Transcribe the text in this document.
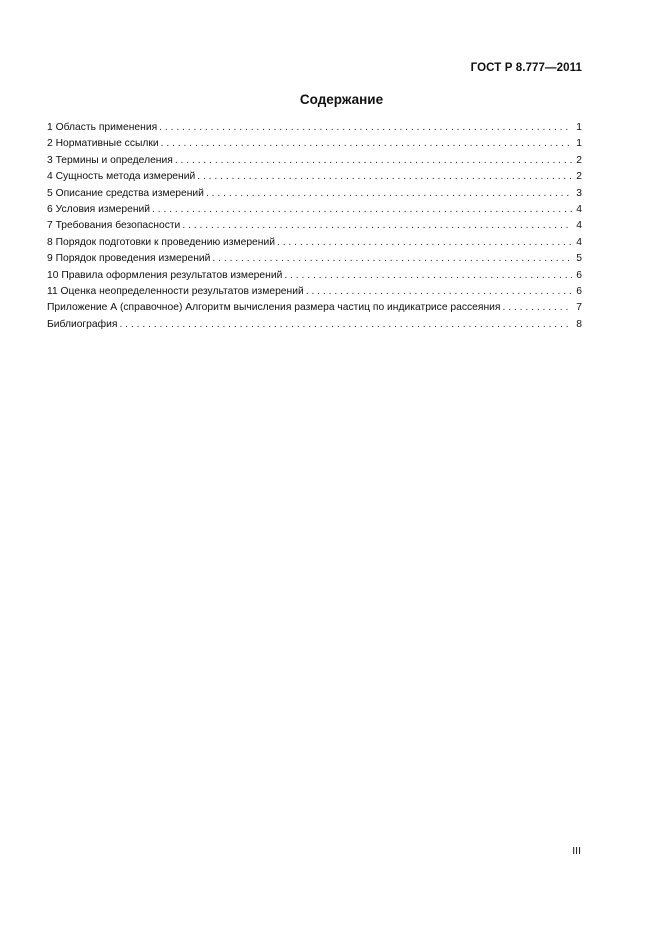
ГОСТ Р 8.777—2011
Содержание
1 Область применения . . .	1
2 Нормативные ссылки . . .	1
3 Термины и определения . . .	2
4 Сущность метода измерений . . .	2
5 Описание средства измерений . . .	3
6 Условия измерений . . .	4
7 Требования безопасности . . .	4
8 Порядок подготовки к проведению измерений . . .	4
9 Порядок проведения измерений . . .	5
10 Правила оформления результатов измерений . . .	6
11 Оценка неопределенности результатов измерений . . .	6
Приложение А (справочное) Алгоритм вычисления размера частиц по индикатрисе рассеяния . . .	7
Библиография . . .	8
III
